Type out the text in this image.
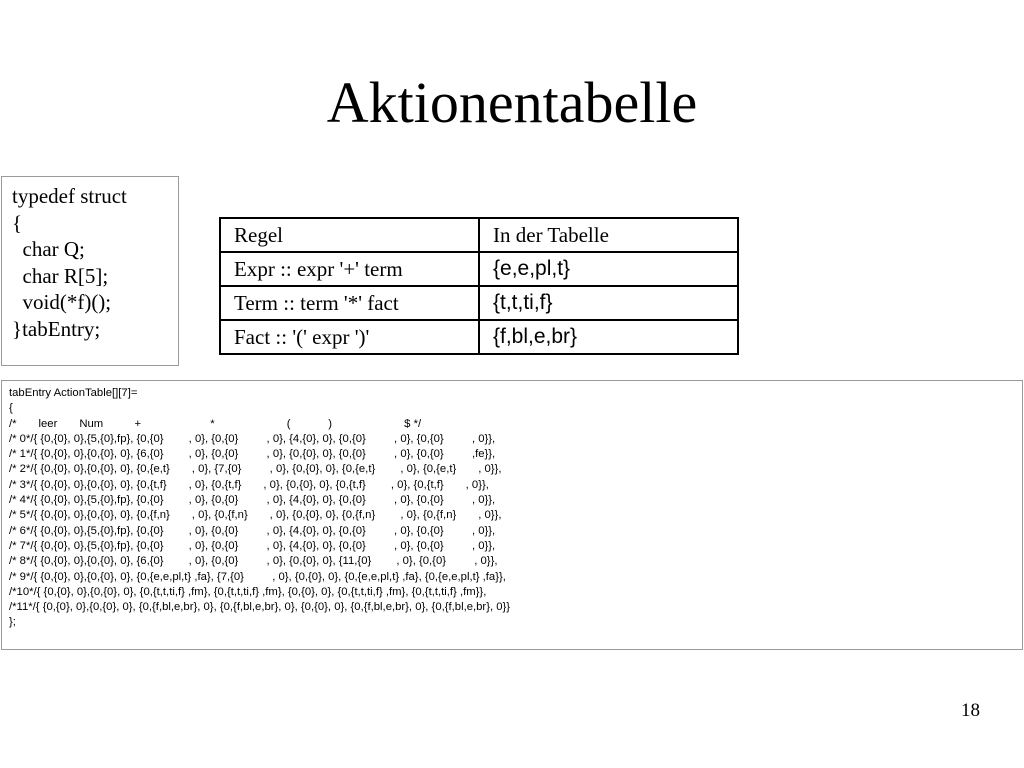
Aktionentabelle
typedef struct
{
char Q;
char R[5];
void(*f)();
}tabEntry;
Regel	In der Tabelle
Expr :: expr '+' term	{e,e,pl,t}
Term :: term '*' fact	{t,t,ti,f}
Fact :: '(' expr ')'	{f,bl,e,br}
tabEntry ActionTable[][7]=
{
/*       leer       Num          +                      *                       (            )                       $ */
/* 0*/{ {0,{0}, 0},{5,{0},fp}, {0,{0}        , 0}, {0,{0}         , 0}, {4,{0}, 0}, {0,{0}         , 0}, {0,{0}         , 0}},
/* 1*/{ {0,{0}, 0},{0,{0}, 0}, {6,{0}        , 0}, {0,{0}         , 0}, {0,{0}, 0}, {0,{0}         , 0}, {0,{0}         ,fe}},
/* 2*/{ {0,{0}, 0},{0,{0}, 0}, {0,{e,t}       , 0}, {7,{0}         , 0}, {0,{0}, 0}, {0,{e,t}        , 0}, {0,{e,t}       , 0}},
/* 3*/{ {0,{0}, 0},{0,{0}, 0}, {0,{t,f}       , 0}, {0,{t,f}       , 0}, {0,{0}, 0}, {0,{t,f}        , 0}, {0,{t,f}       , 0}},
/* 4*/{ {0,{0}, 0},{5,{0},fp}, {0,{0}        , 0}, {0,{0}         , 0}, {4,{0}, 0}, {0,{0}         , 0}, {0,{0}         , 0}},
/* 5*/{ {0,{0}, 0},{0,{0}, 0}, {0,{f,n}       , 0}, {0,{f,n}       , 0}, {0,{0}, 0}, {0,{f,n}        , 0}, {0,{f,n}       , 0}},
/* 6*/{ {0,{0}, 0},{5,{0},fp}, {0,{0}        , 0}, {0,{0}         , 0}, {4,{0}, 0}, {0,{0}         , 0}, {0,{0}         , 0}},
/* 7*/{ {0,{0}, 0},{5,{0},fp}, {0,{0}        , 0}, {0,{0}         , 0}, {4,{0}, 0}, {0,{0}         , 0}, {0,{0}         , 0}},
/* 8*/{ {0,{0}, 0},{0,{0}, 0}, {6,{0}        , 0}, {0,{0}         , 0}, {0,{0}, 0}, {11,{0}        , 0}, {0,{0}         , 0}},
/* 9*/{ {0,{0}, 0},{0,{0}, 0}, {0,{e,e,pl,t} ,fa}, {7,{0}         , 0}, {0,{0}, 0}, {0,{e,e,pl,t} ,fa}, {0,{e,e,pl,t} ,fa}},
/*10*/{ {0,{0}, 0},{0,{0}, 0}, {0,{t,t,ti,f} ,fm}, {0,{t,t,ti,f} ,fm}, {0,{0}, 0}, {0,{t,t,ti,f} ,fm}, {0,{t,t,ti,f} ,fm}},
/*11*/{ {0,{0}, 0},{0,{0}, 0}, {0,{f,bl,e,br}, 0}, {0,{f,bl,e,br}, 0}, {0,{0}, 0}, {0,{f,bl,e,br}, 0}, {0,{f,bl,e,br}, 0}}
};
18
